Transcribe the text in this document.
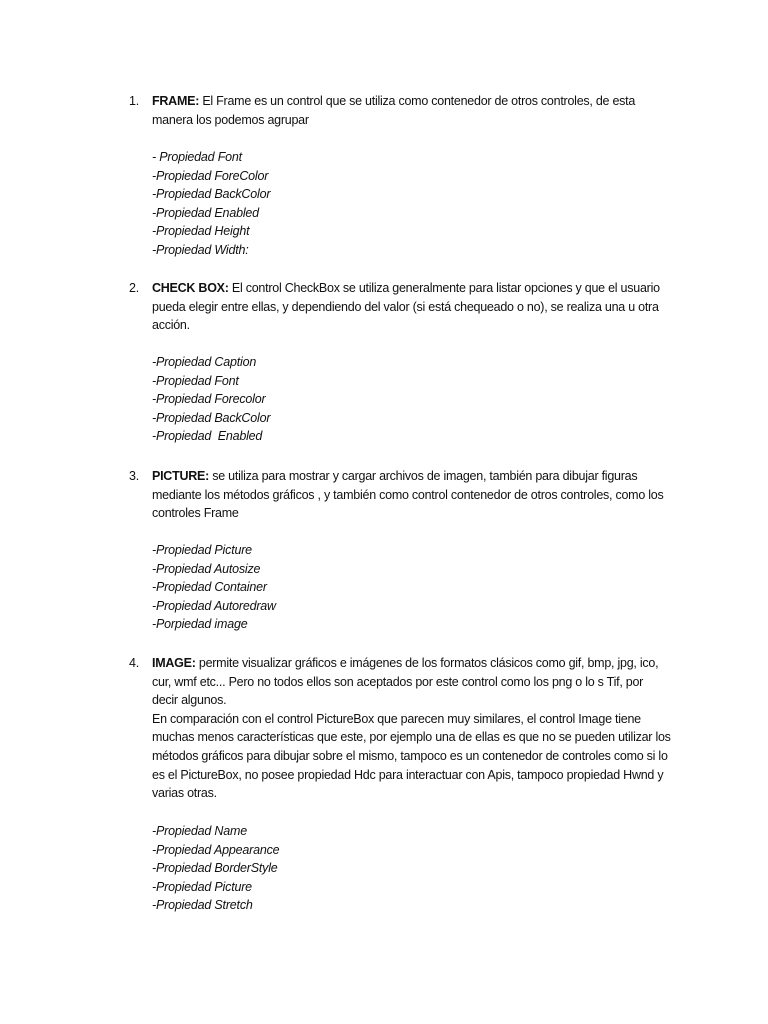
1. FRAME: El Frame es un control que se utiliza como contenedor de otros controles, de esta manera los podemos agrupar

- Propiedad Font
-Propiedad ForeColor
-Propiedad BackColor
-Propiedad Enabled
-Propiedad Height
-Propiedad Width:
2. CHECK BOX: El control CheckBox se utiliza generalmente para listar opciones y que el usuario pueda elegir entre ellas, y dependiendo del valor (si está chequeado o no), se realiza una u otra acción.

-Propiedad Caption
-Propiedad Font
-Propiedad Forecolor
-Propiedad BackColor
-Propiedad  Enabled
3. PICTURE: se utiliza para mostrar y cargar archivos de imagen, también para dibujar figuras mediante los métodos gráficos , y también como control contenedor de otros controles, como los controles Frame

-Propiedad Picture
-Propiedad Autosize
-Propiedad Container
-Propiedad Autoredraw
-Porpiedad image
4. IMAGE: permite visualizar gráficos e imágenes de los formatos clásicos como gif, bmp, jpg, ico, cur, wmf etc... Pero no todos ellos son aceptados por este control como los png o lo s Tif, por decir algunos.

En comparación con el control PictureBox que parecen muy similares, el control Image tiene muchas menos características que este, por ejemplo una de ellas es que no se pueden utilizar los métodos gráficos para dibujar sobre el mismo, tampoco es un contenedor de controles como si lo es el PictureBox, no posee propiedad Hdc para interactuar con Apis, tampoco propiedad Hwnd y varias otras.

-Propiedad Name
-Propiedad Appearance
-Propiedad BorderStyle
-Propiedad Picture
-Propiedad Stretch
